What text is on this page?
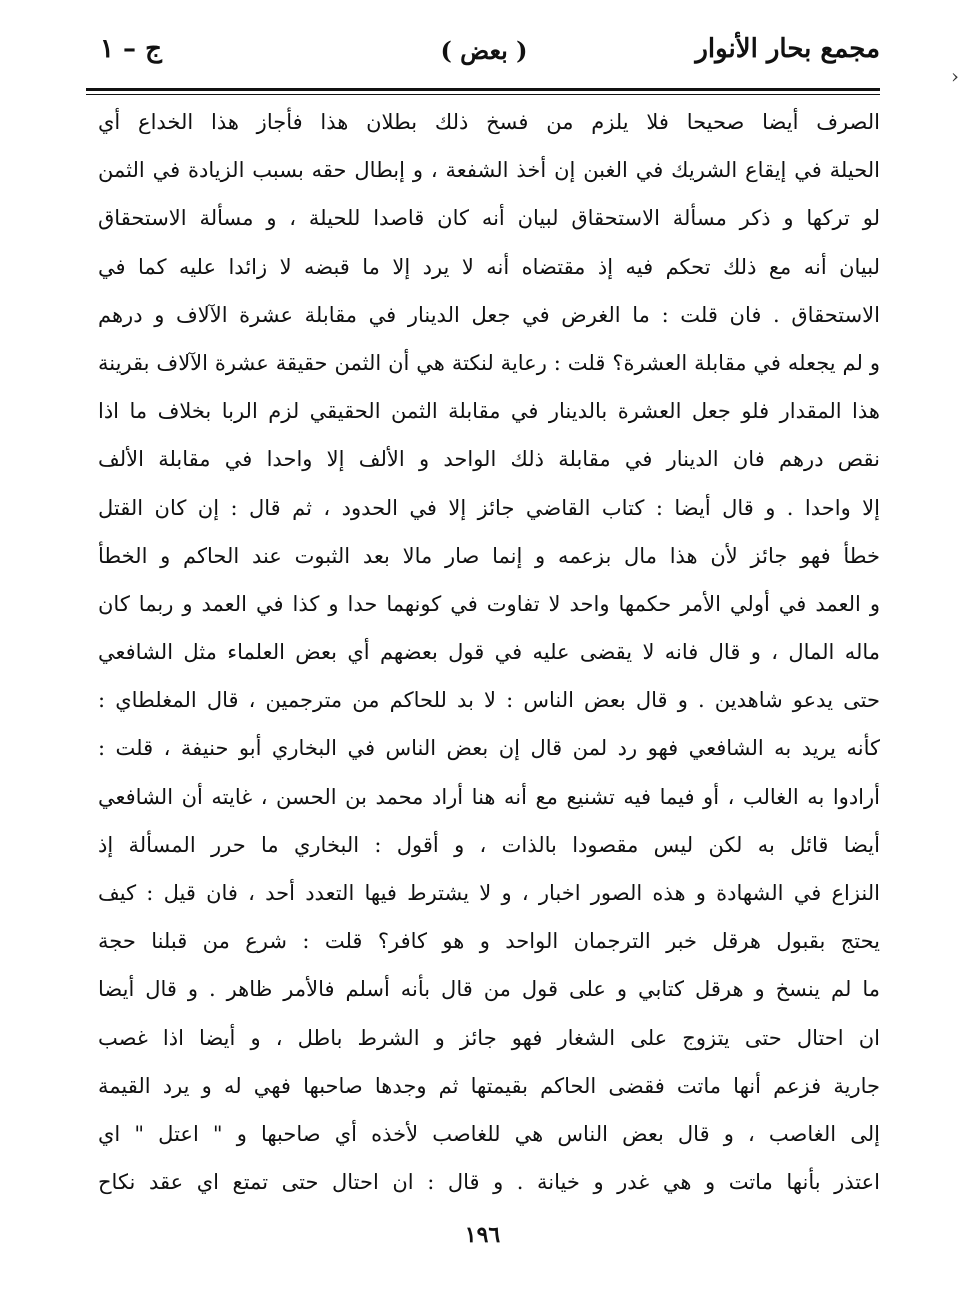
مجمع بحار الأنوار
( بعض )
ج – ١
الصرف أيضا صحيحا فلا يلزم من فسخ ذلك بطلان هذا فأجاز هذا الخداع أي
الحيلة في إيقاع الشريك في الغبن إن أخذ الشفعة ، و إبطال حقه بسبب الزيادة في الثمن
لو تركها و ذكر مسألة الاستحقاق لبيان أنه كان قاصدا للحيلة ، و مسألة الاستحقاق
لبيان أنه مع ذلك تحكم فيه إذ مقتضاه أنه لا يرد إلا ما قبضه لا زائدا عليه كما في
الاستحقاق . فان قلت : ما الغرض في جعل الدينار في مقابلة عشرة الآلاف و درهم
و لم يجعله في مقابلة العشرة؟ قلت : رعاية لنكتة هي أن الثمن حقيقة عشرة الآلاف بقرينة
هذا المقدار فلو جعل العشرة بالدينار في مقابلة الثمن الحقيقي لزم الربا بخلاف ما اذا
نقص درهم فان الدينار في مقابلة ذلك الواحد و الألف إلا واحدا في مقابلة الألف
إلا واحدا . و قال أيضا : كتاب القاضي جائز إلا في الحدود ، ثم قال : إن كان القتل
خطأ فهو جائز لأن هذا مال بزعمه و إنما صار مالا بعد الثبوت عند الحاكم و الخطأ
و العمد في أولي الأمر حكمها واحد لا تفاوت في كونهما حدا و كذا في العمد و ربما كان
ماله المال ، و قال فانه لا يقضى عليه في قول بعضهم أي بعض العلماء مثل الشافعي
حتى يدعو شاهدين . و قال بعض الناس : لا بد للحاكم من مترجمين ، قال المغلطاي :
كأنه يريد به الشافعي فهو رد لمن قال إن بعض الناس في البخاري أبو حنيفة ، قلت :
أرادوا به الغالب ، أو فيما فيه تشنيع مع أنه هنا أراد محمد بن الحسن ، غايته أن الشافعي
أيضا قائل به لكن ليس مقصودا بالذات ، و أقول : البخاري ما حرر المسألة إذ
النزاع في الشهادة و هذه الصور اخبار ، و لا يشترط فيها التعدد أحد ، فان قيل : كيف
يحتج بقبول هرقل خبر الترجمان الواحد و هو كافر؟ قلت : شرع من قبلنا حجة
ما لم ينسخ و هرقل كتابي و على قول من قال بأنه أسلم فالأمر ظاهر . و قال أيضا
ان احتال حتى يتزوج على الشغار فهو جائز و الشرط باطل ، و أيضا اذا غصب
جارية فزعم أنها ماتت فقضى الحاكم بقيمتها ثم وجدها صاحبها فهي له و يرد القيمة
إلى الغاصب ، و قال بعض الناس هي للغاصب لأخذه أي صاحبها و " اعتل " اي
اعتذر بأنها ماتت و هي غدر و خيانة . و قال : ان احتال حتى تمتع اي عقد نكاح
١٩٦
›
